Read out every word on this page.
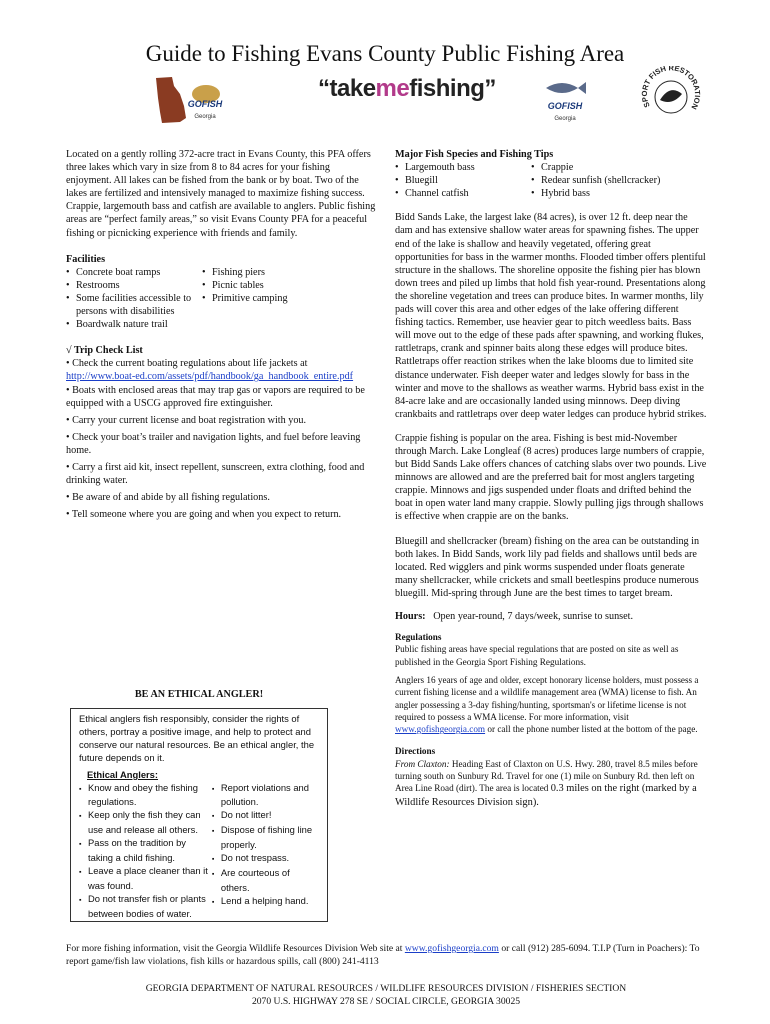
Guide to Fishing Evans County Public Fishing Area
GOFISH
Georgia
“takemefishing”
GOFISH
Georgia
SPORT FISH RESTORATION

Located on a gently rolling 372-acre tract in Evans County, this PFA offers three lakes which vary in size from 8 to 84 acres for your fishing enjoyment. All lakes can be fished from the bank or by boat. Two of the lakes are fertilized and intensively managed to maximize fishing success. Crappie, largemouth bass and catfish are available to anglers. Public fishing areas are “perfect family areas,” so visit Evans County PFA for a peaceful fishing or picnicking experience with friends and family.

Facilities

• Concrete boat ramps
• Restrooms
• Some facilities accessible to persons with disabilities
• Boardwalk nature trail
• Fishing piers
• Picnic tables
• Primitive camping

√ Trip Check List

• Check the current boating regulations about life jackets at
http://www.boat-ed.com/assets/pdf/handbook/ga_handbook_entire.pdf

• Boats with enclosed areas that may trap gas or vapors are required to be equipped with a USCG approved fire extinguisher.

• Carry your current license and boat registration with you.

• Check your boat’s trailer and navigation lights, and fuel before leaving home.

• Carry a first aid kit, insect repellent, sunscreen, extra clothing, food and drinking water.

• Be aware of and abide by all fishing regulations.

• Tell someone where you are going and when you expect to return.

BE AN ETHICAL ANGLER!

Ethical anglers fish responsibly, consider the rights of others, portray a positive image, and help to protect and conserve our natural resources. Be an ethical angler, the future depends on it.

Ethical Anglers:

▪ Know and obey the fishing regulations.
▪ Keep only the fish they can use and release all others.
▪ Pass on the tradition by taking a child fishing.
▪ Leave a place cleaner than it was found.
▪ Do not transfer fish or plants between bodies of water.
▪ Report violations and pollution.
▪ Do not litter!
▪ Dispose of fishing line properly.
▪ Do not trespass.
▪ Are courteous of others.
▪ Lend a helping hand.

Major Fish Species and Fishing Tips

• Largemouth bass
• Bluegill
• Channel catfish
• Crappie
• Redear sunfish (shellcracker)
• Hybrid bass

Bidd Sands Lake, the largest lake (84 acres), is over 12 ft. deep near the dam and has extensive shallow water areas for spawning fishes. The upper end of the lake is shallow and heavily vegetated, offering great opportunities for bass in the warmer months. Flooded timber offers plentiful structure in the shallows. The shoreline opposite the fishing pier has blown down trees and piled up limbs that hold fish year-round. Presentations along the shoreline vegetation and trees can produce bites. In warmer months, lily pads will cover this area and other edges of the lake offering different fishing tactics. Remember, use heavier gear to pitch weedless baits. Bass will move out to the edge of these pads after spawning, and working flukes, rattletraps, crank and spinner baits along these edges will produce bites. Rattletraps offer reaction strikes when the lake blooms due to limited site distance underwater. Fish deeper water and ledges slowly for bass in the winter and move to the shallows as weather warms. Hybrid bass exist in the 84-acre lake and are occasionally landed using minnows. Deep diving crankbaits and rattletraps over deep water ledges can produce hybrid strikes.

Crappie fishing is popular on the area. Fishing is best mid-November through March. Lake Longleaf (8 acres) produces large numbers of crappie, but Bidd Sands Lake offers chances of catching slabs over two pounds. Live minnows are allowed and are the preferred bait for most anglers targeting crappie. Minnows and jigs suspended under floats and drifted behind the boat in open water land many crappie. Slowly pulling jigs through shallows is effective when crappie are on the banks.

Bluegill and shellcracker (bream) fishing on the area can be outstanding in both lakes. In Bidd Sands, work lily pad fields and shallows until beds are located. Red wigglers and pink worms suspended under floats generate many shellcracker, while crickets and small beetlespins produce numerous bluegill. Mid-spring through June are the best times to target bream.

Hours: Open year-round, 7 days/week, sunrise to sunset.

Regulations

Public fishing areas have special regulations that are posted on site as well as published in the Georgia Sport Fishing Regulations.

Anglers 16 years of age and older, except honorary license holders, must possess a current fishing license and a wildlife management area (WMA) license to fish. An angler possessing a 3-day fishing/hunting, sportsman's or lifetime license is not required to possess a WMA license. For more information, visit www.gofishgeorgia.com or call the phone number listed at the bottom of the page.

Directions

From Claxton: Heading East of Claxton on U.S. Hwy. 280, travel 8.5 miles before turning south on Sunbury Rd. Travel for one (1) mile on Sunbury Rd. then left on Area Line Road (dirt). The area is located 0.3 miles on the right (marked by a Wildlife Resources Division sign).

For more fishing information, visit the Georgia Wildlife Resources Division Web site at www.gofishgeorgia.com or call (912) 285-6094. T.I.P (Turn in Poachers): To report game/fish law violations, fish kills or hazardous spills, call (800) 241-4113
GEORGIA DEPARTMENT OF NATURAL RESOURCES / WILDLIFE RESOURCES DIVISION / FISHERIES SECTION
2070 U.S. HIGHWAY 278 SE / SOCIAL CIRCLE, GEORGIA 30025
